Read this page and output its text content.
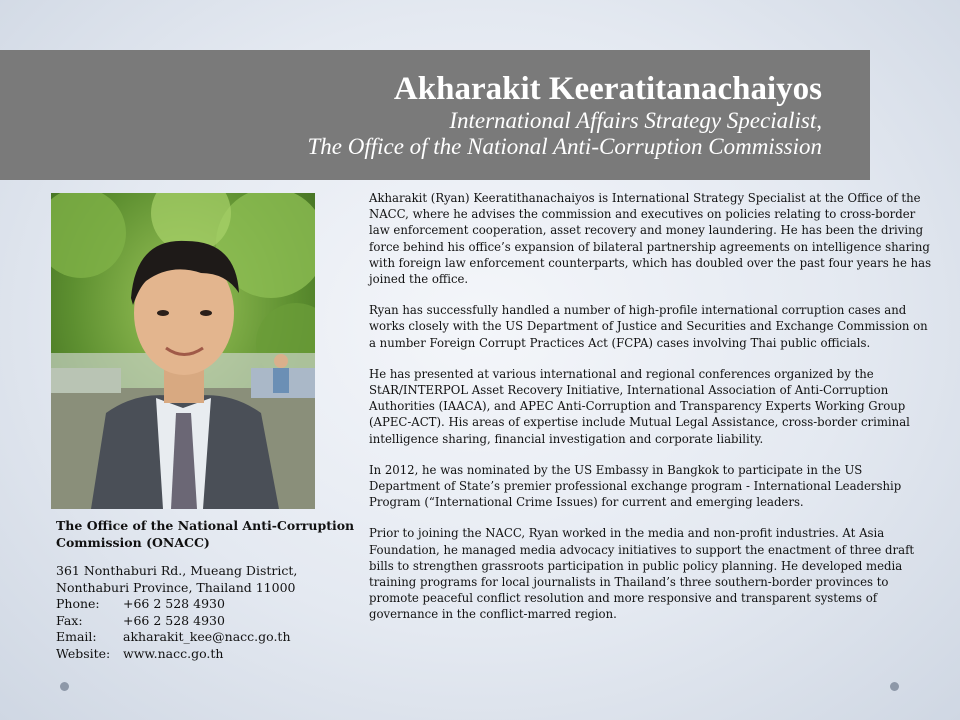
Akharakit Keeratitanachaiyos
International Affairs Strategy Specialist,
The Office of the National Anti-Corruption Commission
The Office of the National Anti-Corruption Commission (ONACC)
361 Nonthaburi Rd., Mueang District,
Nonthaburi Province, Thailand 11000
Phone:	+66 2 528 4930
Fax:	+66 2 528 4930
Email:	akharakit_kee@nacc.go.th
Website:	www.nacc.go.th

Akharakit (Ryan) Keeratithanachaiyos is International Strategy Specialist at the Office of the NACC, where he advises the commission and executives on policies relating to cross-border law enforcement cooperation, asset recovery and money laundering. He has been the driving force behind his office’s expansion of bilateral partnership agreements on intelligence sharing with foreign law enforcement counterparts, which has doubled over the past four years he has joined the office.

Ryan has successfully handled a number of high-profile international corruption cases and works closely with the US Department of Justice and Securities and Exchange Commission on a number Foreign Corrupt Practices Act (FCPA) cases involving Thai public officials.

He has presented at various international and regional conferences organized by the StAR/INTERPOL Asset Recovery Initiative, International Association of Anti-Corruption Authorities (IAACA), and APEC Anti-Corruption and Transparency Experts Working Group (APEC-ACT). His areas of expertise include Mutual Legal Assistance, cross-border criminal intelligence sharing, financial investigation and corporate liability.

In 2012, he was nominated by the US Embassy in Bangkok to participate in the US Department of State’s premier professional exchange program - International Leadership Program (“International Crime Issues) for current and emerging leaders.

Prior to joining the NACC, Ryan worked in the media and non-profit industries. At Asia Foundation, he managed media advocacy initiatives to support the enactment of three draft bills to strengthen grassroots participation in public policy planning. He developed media training programs for local journalists in Thailand’s three southern-border provinces to promote peaceful conflict resolution and more responsive and transparent systems of governance in the conflict-marred region.
